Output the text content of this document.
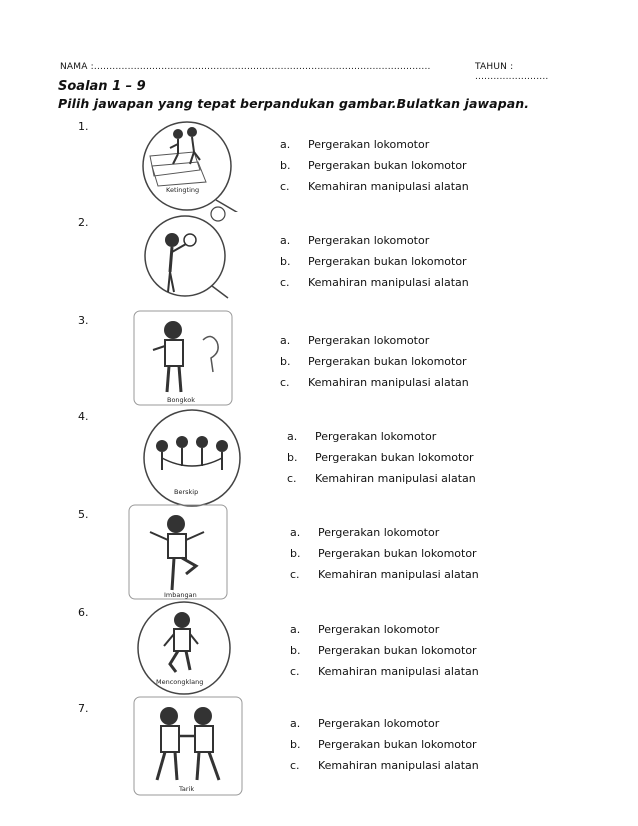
NAMA :..............................................................................................................	TAHUN : ........................
Soalan 1 – 9
Pilih jawapan yang tepat berpandukan gambar.Bulatkan jawapan.
1.
Ketingting
a. Pergerakan lokomotor
b. Pergerakan bukan lokomotor
c. Kemahiran manipulasi alatan
2.
a. Pergerakan lokomotor
b. Pergerakan bukan lokomotor
c. Kemahiran manipulasi alatan
3.
Bongkok
a. Pergerakan lokomotor
b. Pergerakan bukan lokomotor
c. Kemahiran manipulasi alatan
4.
Berskip
a. Pergerakan lokomotor
b. Pergerakan bukan lokomotor
c. Kemahiran manipulasi alatan
5.
Imbangan
a. Pergerakan lokomotor
b. Pergerakan bukan lokomotor
c. Kemahiran manipulasi alatan
6.
Mencongklang
a. Pergerakan lokomotor
b. Pergerakan bukan lokomotor
c. Kemahiran manipulasi alatan
7.
Tarik
a. Pergerakan lokomotor
b. Pergerakan bukan lokomotor
c. Kemahiran manipulasi alatan
